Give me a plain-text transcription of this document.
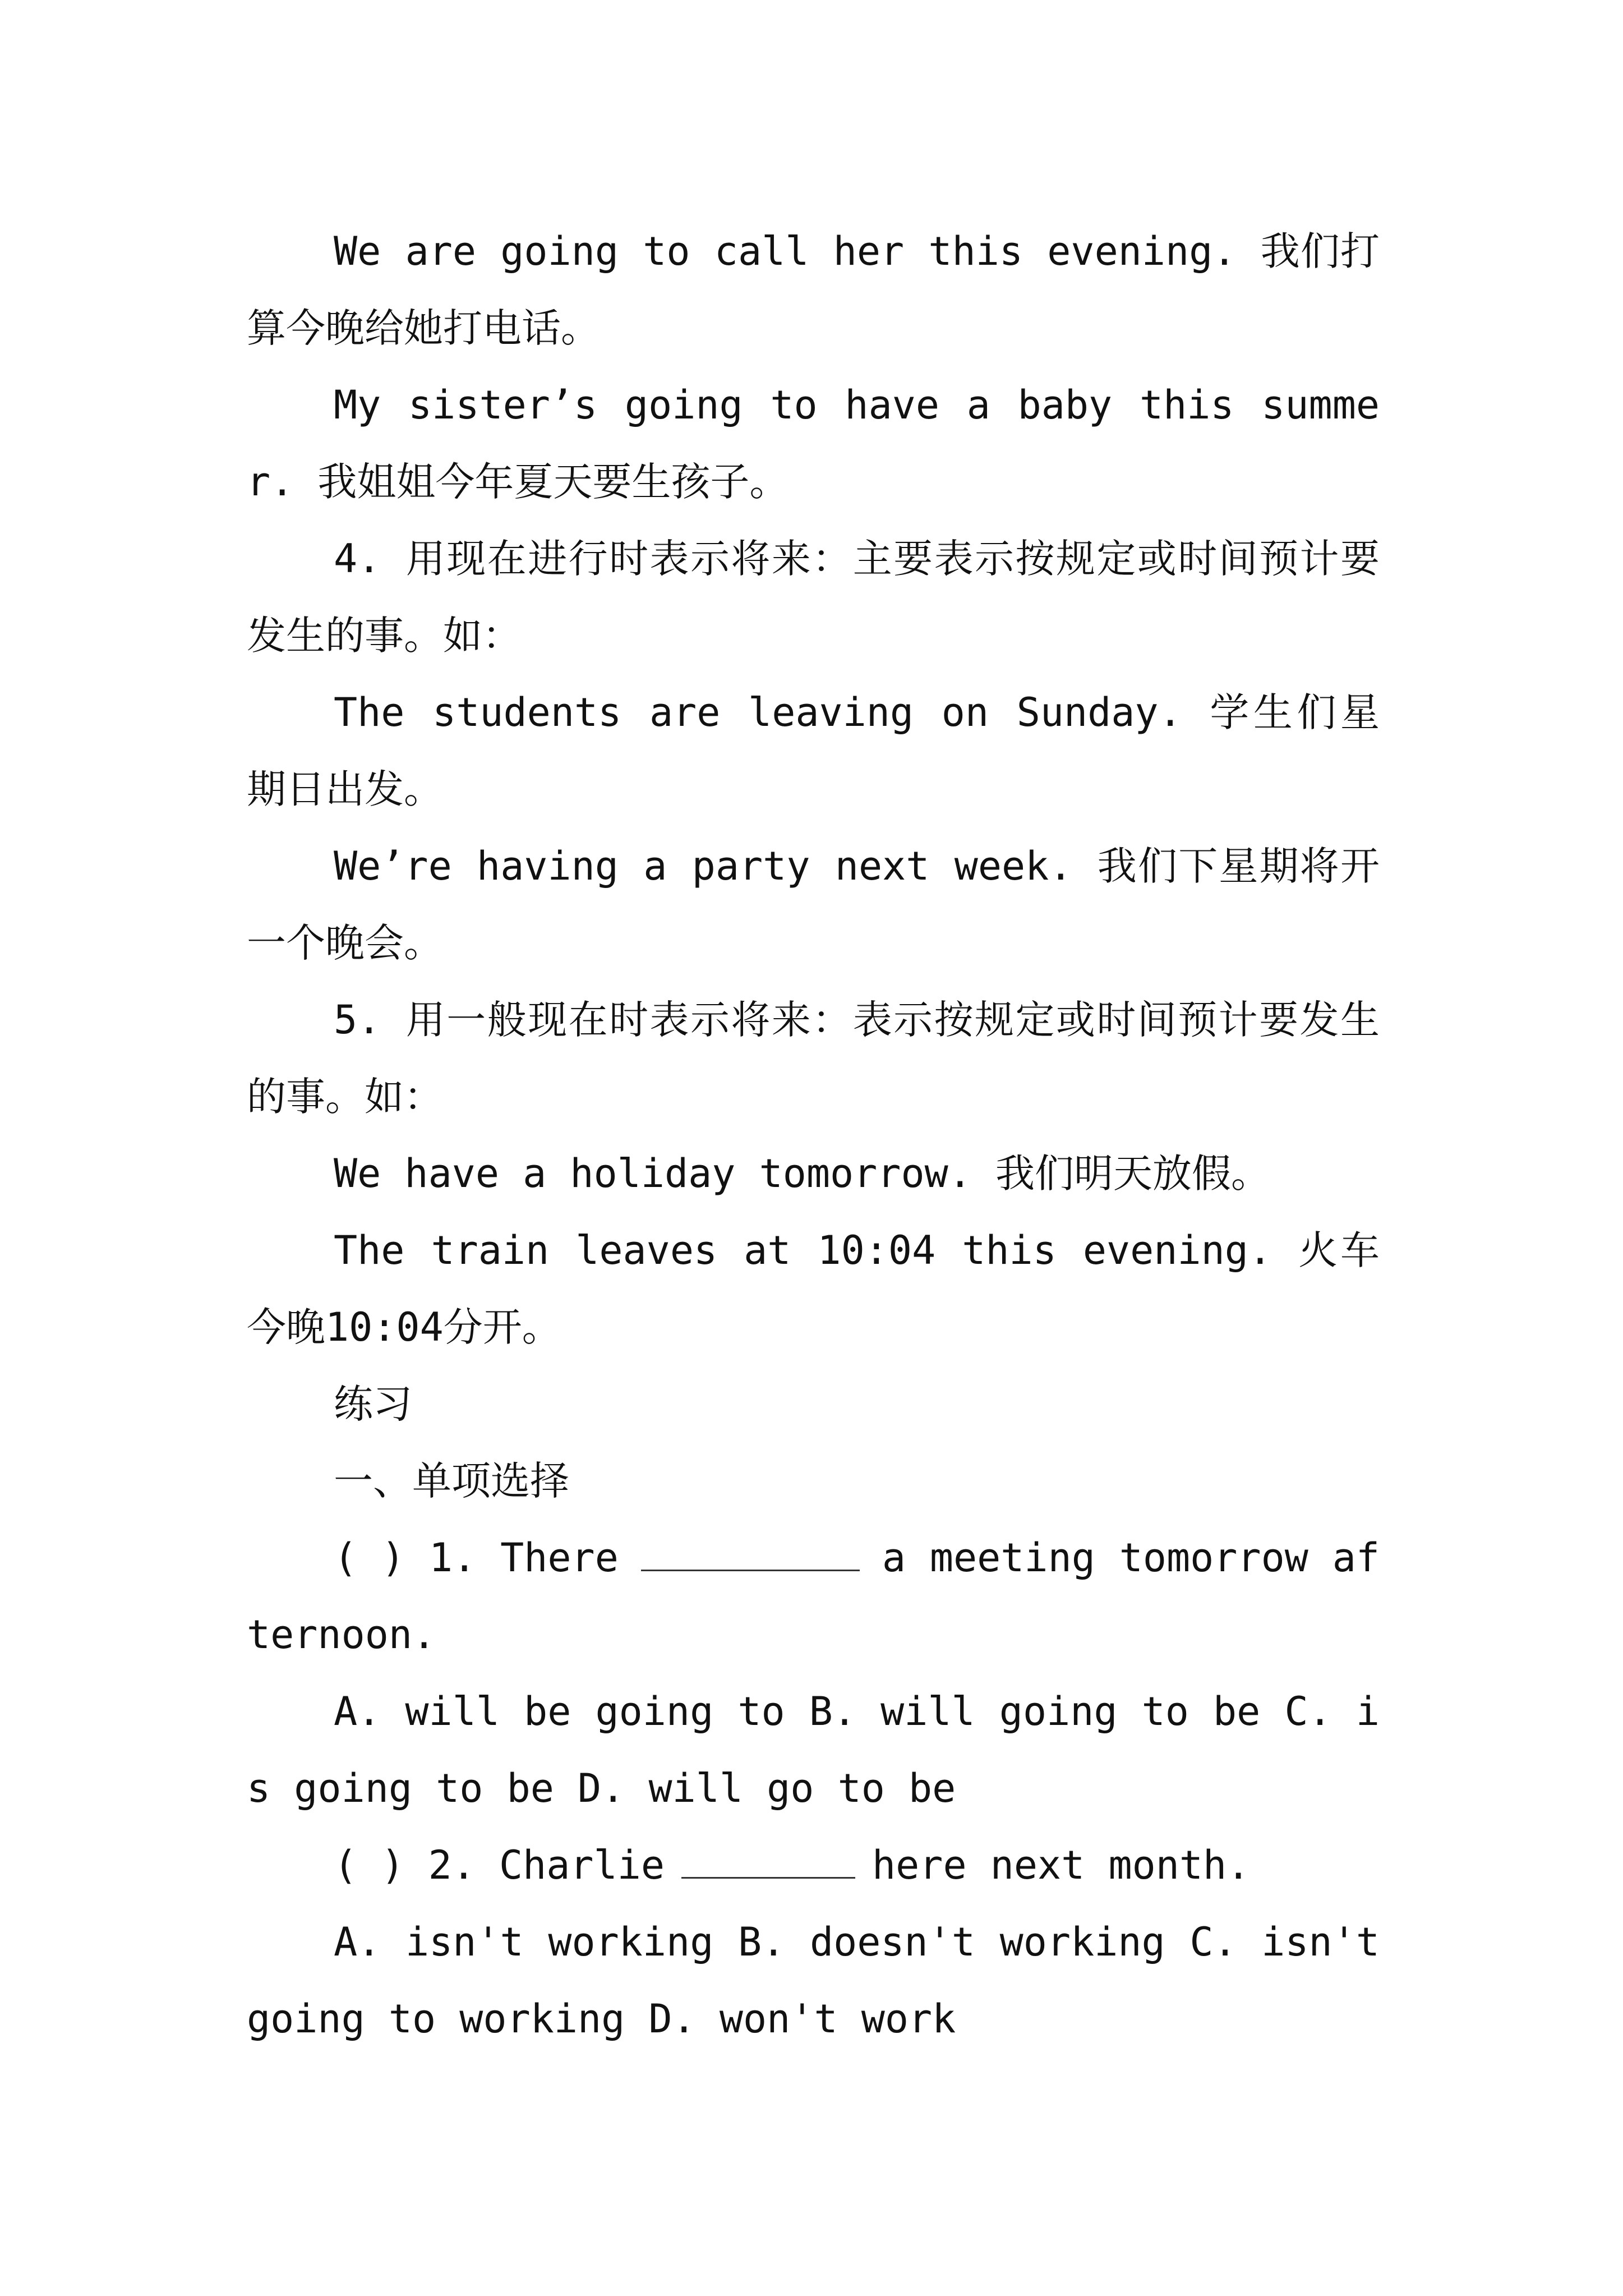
We are going to call her this evening. 我们打算今晚给她打电话。

My sister’s going to have a baby this summer. 我姐姐今年夏天要生孩子。

4. 用现在进行时表示将来：主要表示按规定或时间预计要发生的事。如：

The students are leaving on Sunday. 学生们星期日出发。

We’re having a party next week. 我们下星期将开一个晚会。

5. 用一般现在时表示将来：表示按规定或时间预计要发生的事。如：

We have a holiday tomorrow. 我们明天放假。

The train leaves at 10:04 this evening. 火车今晚10:04分开。

练习

一、单项选择

( ) 1. There	a meeting tomorrow afternoon.

A. will be going to B. will going to be C. is going to be D. will go to be

( ) 2. Charlie	here next month.

A. isn't working B. doesn't working C. isn't going to working D. won't work
